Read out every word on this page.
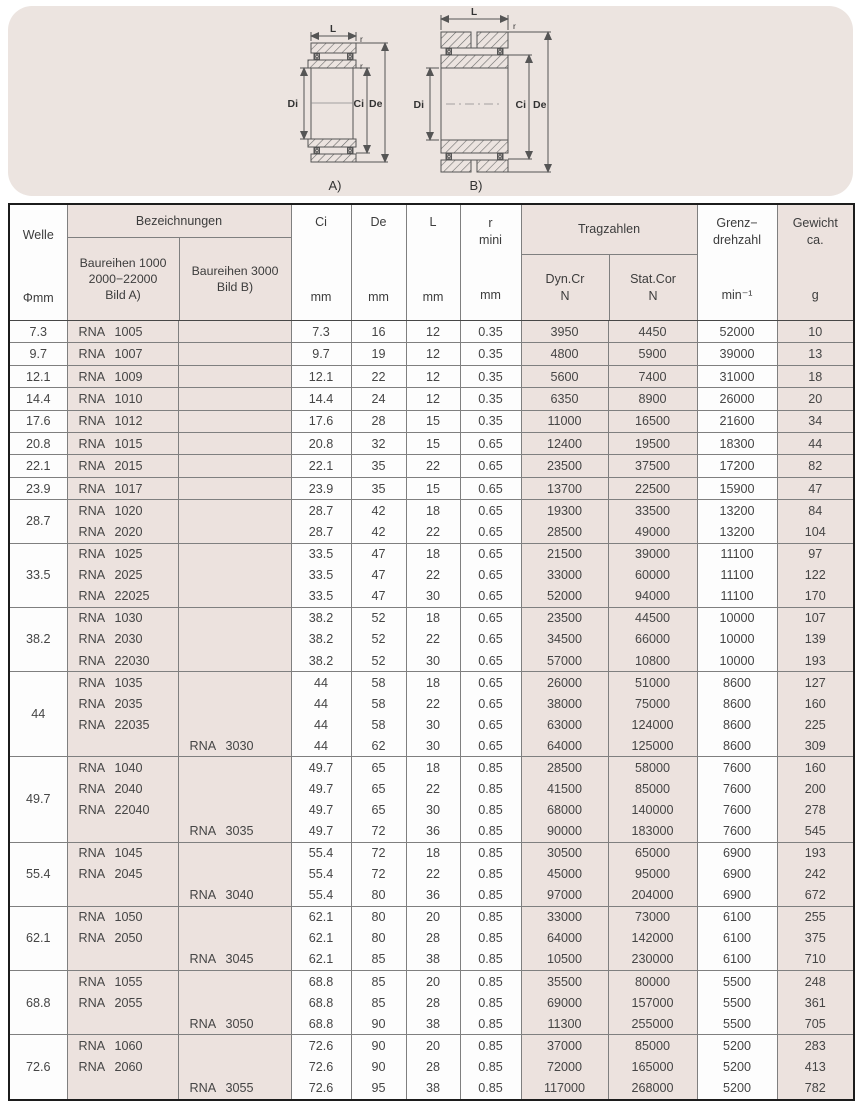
L
r
r
Di	Ci De
A)
L
r
Di	Ci De
B)
Welle
Φmm

Bezeichnungen
Baureihen 1000
2000−22000
Bild A)
Baureihen 3000
Bild B)

Ci
mm

De
mm

L
mm

r
mini
mm

Tragzahlen
Dyn.Cr
N
Stat.Cor
N

Grenz−
drehzahl
min⁻¹

Gewicht
ca.
g

7.3	RNA 1005		7.3	16	12	0.35	3950	4450	52000	10
9.7	RNA 1007		9.7	19	12	0.35	4800	5900	39000	13
12.1	RNA 1009		12.1	22	12	0.35	5600	7400	31000	18
14.4	RNA 1010		14.4	24	12	0.35	6350	8900	26000	20
17.6	RNA 1012		17.6	28	15	0.35	11000	16500	21600	34
20.8	RNA 1015		20.8	32	15	0.65	12400	19500	18300	44
22.1	RNA 2015		22.1	35	22	0.65	23500	37500	17200	82
23.9	RNA 1017		23.9	35	15	0.65	13700	22500	15900	47
28.7	RNA 1020		28.7	42	18	0.65	19300	33500	13200	84
	RNA 2020		28.7	42	22	0.65	28500	49000	13200	104
33.5	RNA 1025		33.5	47	18	0.65	21500	39000	11100	97
	RNA 2025		33.5	47	22	0.65	33000	60000	11100	122
	RNA 22025		33.5	47	30	0.65	52000	94000	11100	170
38.2	RNA 1030		38.2	52	18	0.65	23500	44500	10000	107
	RNA 2030		38.2	52	22	0.65	34500	66000	10000	139
	RNA 22030		38.2	52	30	0.65	57000	10800	10000	193
44	RNA 1035		44	58	18	0.65	26000	51000	8600	127
	RNA 2035		44	58	22	0.65	38000	75000	8600	160
	RNA 22035		44	58	30	0.65	63000	124000	8600	225
		RNA 3030	44	62	30	0.65	64000	125000	8600	309
49.7	RNA 1040		49.7	65	18	0.85	28500	58000	7600	160
	RNA 2040		49.7	65	22	0.85	41500	85000	7600	200
	RNA 22040		49.7	65	30	0.85	68000	140000	7600	278
		RNA 3035	49.7	72	36	0.85	90000	183000	7600	545
55.4	RNA 1045		55.4	72	18	0.85	30500	65000	6900	193
	RNA 2045		55.4	72	22	0.85	45000	95000	6900	242
		RNA 3040	55.4	80	36	0.85	97000	204000	6900	672
62.1	RNA 1050		62.1	80	20	0.85	33000	73000	6100	255
	RNA 2050		62.1	80	28	0.85	64000	142000	6100	375
		RNA 3045	62.1	85	38	0.85	10500	230000	6100	710
68.8	RNA 1055		68.8	85	20	0.85	35500	80000	5500	248
	RNA 2055		68.8	85	28	0.85	69000	157000	5500	361
		RNA 3050	68.8	90	38	0.85	11300	255000	5500	705
72.6	RNA 1060		72.6	90	20	0.85	37000	85000	5200	283
	RNA 2060		72.6	90	28	0.85	72000	165000	5200	413
		RNA 3055	72.6	95	38	0.85	117000	268000	5200	782
